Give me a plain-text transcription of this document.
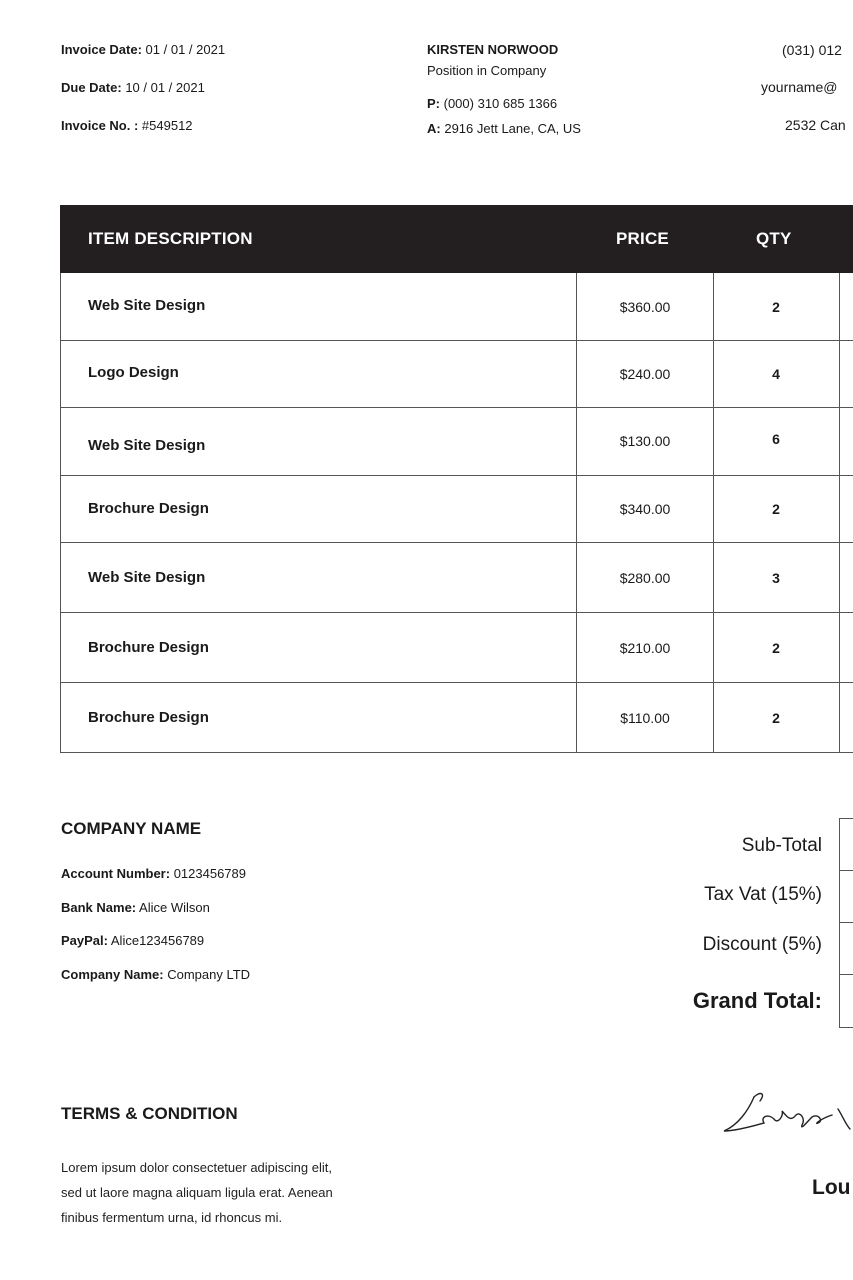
Invoice Date: 01 / 01 / 2021
Due Date: 10 / 01 / 2021
Invoice No. : #549512
KIRSTEN NORWOOD
Position in Company
P: (000) 310 685 1366
A: 2916 Jett Lane, CA, US
(031) 012
yourname@
2532 Can
ITEM DESCRIPTION	PRICE	QTY
Web Site Design	$360.00	2
Logo Design	$240.00	4
Web Site Design	$130.00	6
Brochure Design	$340.00	2
Web Site Design	$280.00	3
Brochure Design	$210.00	2
Brochure Design	$110.00	2
COMPANY NAME
Account Number: 0123456789
Bank Name: Alice Wilson
PayPal: Alice123456789
Company Name: Company LTD
Sub-Total
Tax Vat (15%)
Discount (5%)
Grand Total:
TERMS & CONDITION
Lorem ipsum dolor consectetuer adipiscing elit,
sed ut laore magna aliquam ligula erat. Aenean
finibus fermentum urna, id rhoncus mi.
Lou
